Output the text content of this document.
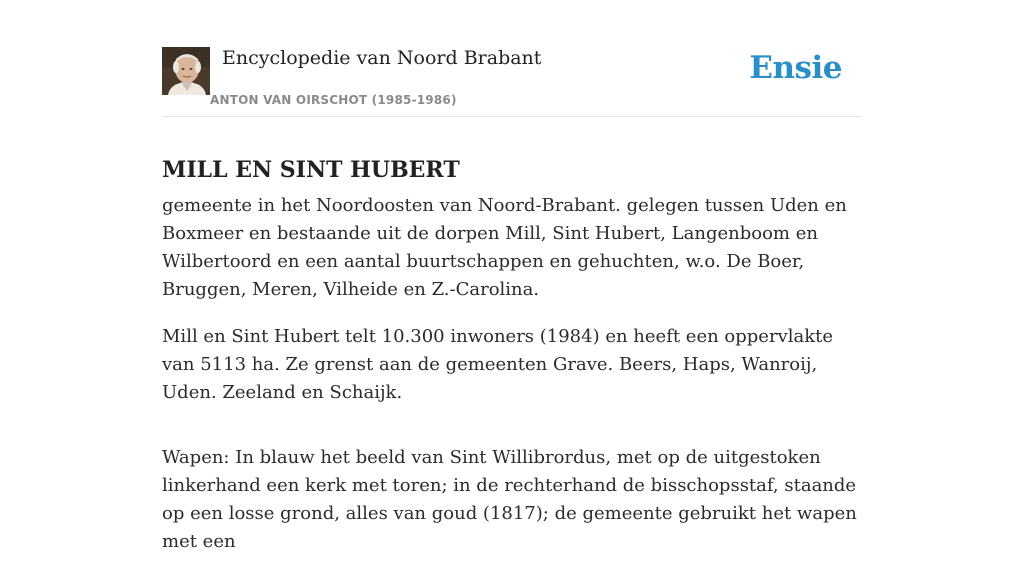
Encyclopedie van Noord Brabant
ANTON VAN OIRSCHOT (1985-1986)
Ensie
MILL EN SINT HUBERT

gemeente in het Noordoosten van Noord-Brabant. gelegen tussen Uden en Boxmeer en bestaande uit de dorpen Mill, Sint Hubert, Langenboom en Wilbertoord en een aantal buurtschappen en gehuchten, w.o. De Boer, Bruggen, Meren, Vilheide en Z.-Carolina.

Mill en Sint Hubert telt 10.300 inwoners (1984) en heeft een oppervlakte van 5113 ha. Ze grenst aan de gemeenten Grave. Beers, Haps, Wanroij, Uden. Zeeland en Schaijk.

Wapen: In blauw het beeld van Sint Willibrordus, met op de uitgestoken linkerhand een kerk met toren; in de rechterhand de bisschopsstaf, staande op een losse grond, alles van goud (1817); de gemeente gebruikt het wapen met een
